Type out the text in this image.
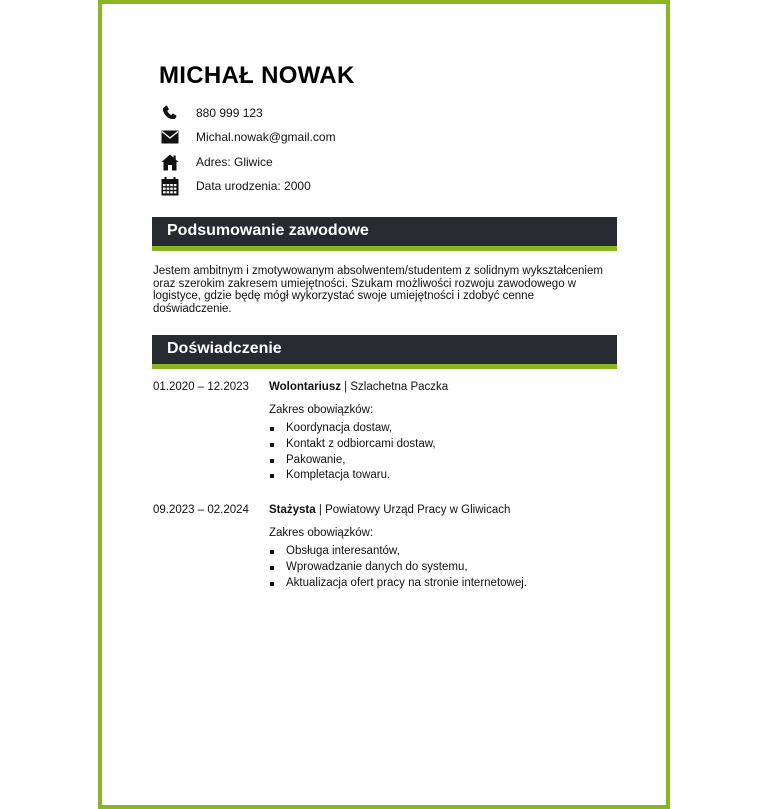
MICHAŁ NOWAK
880 999 123
Michal.nowak@gmail.com
Adres: Gliwice
Data urodzenia: 2000
Podsumowanie zawodowe
Jestem ambitnym i zmotywowanym absolwentem/studentem z solidnym wykształceniem oraz szerokim zakresem umiejętności. Szukam możliwości rozwoju zawodowego w logistyce, gdzie będę mógł wykorzystać swoje umiejętności i zdobyć cenne doświadczenie.
Doświadczenie
01.2020 – 12.2023 Wolontariusz | Szlachetna Paczka
Zakres obowiązków:
Koordynacja dostaw,
Kontakt z odbiorcami dostaw,
Pakowanie,
Kompletacja towaru.
09.2023 – 02.2024 Stażysta | Powiatowy Urząd Pracy w Gliwicach
Zakres obowiązków:
Obsługa interesantów,
Wprowadzanie danych do systemu,
Aktualizacja ofert pracy na stronie internetowej.
